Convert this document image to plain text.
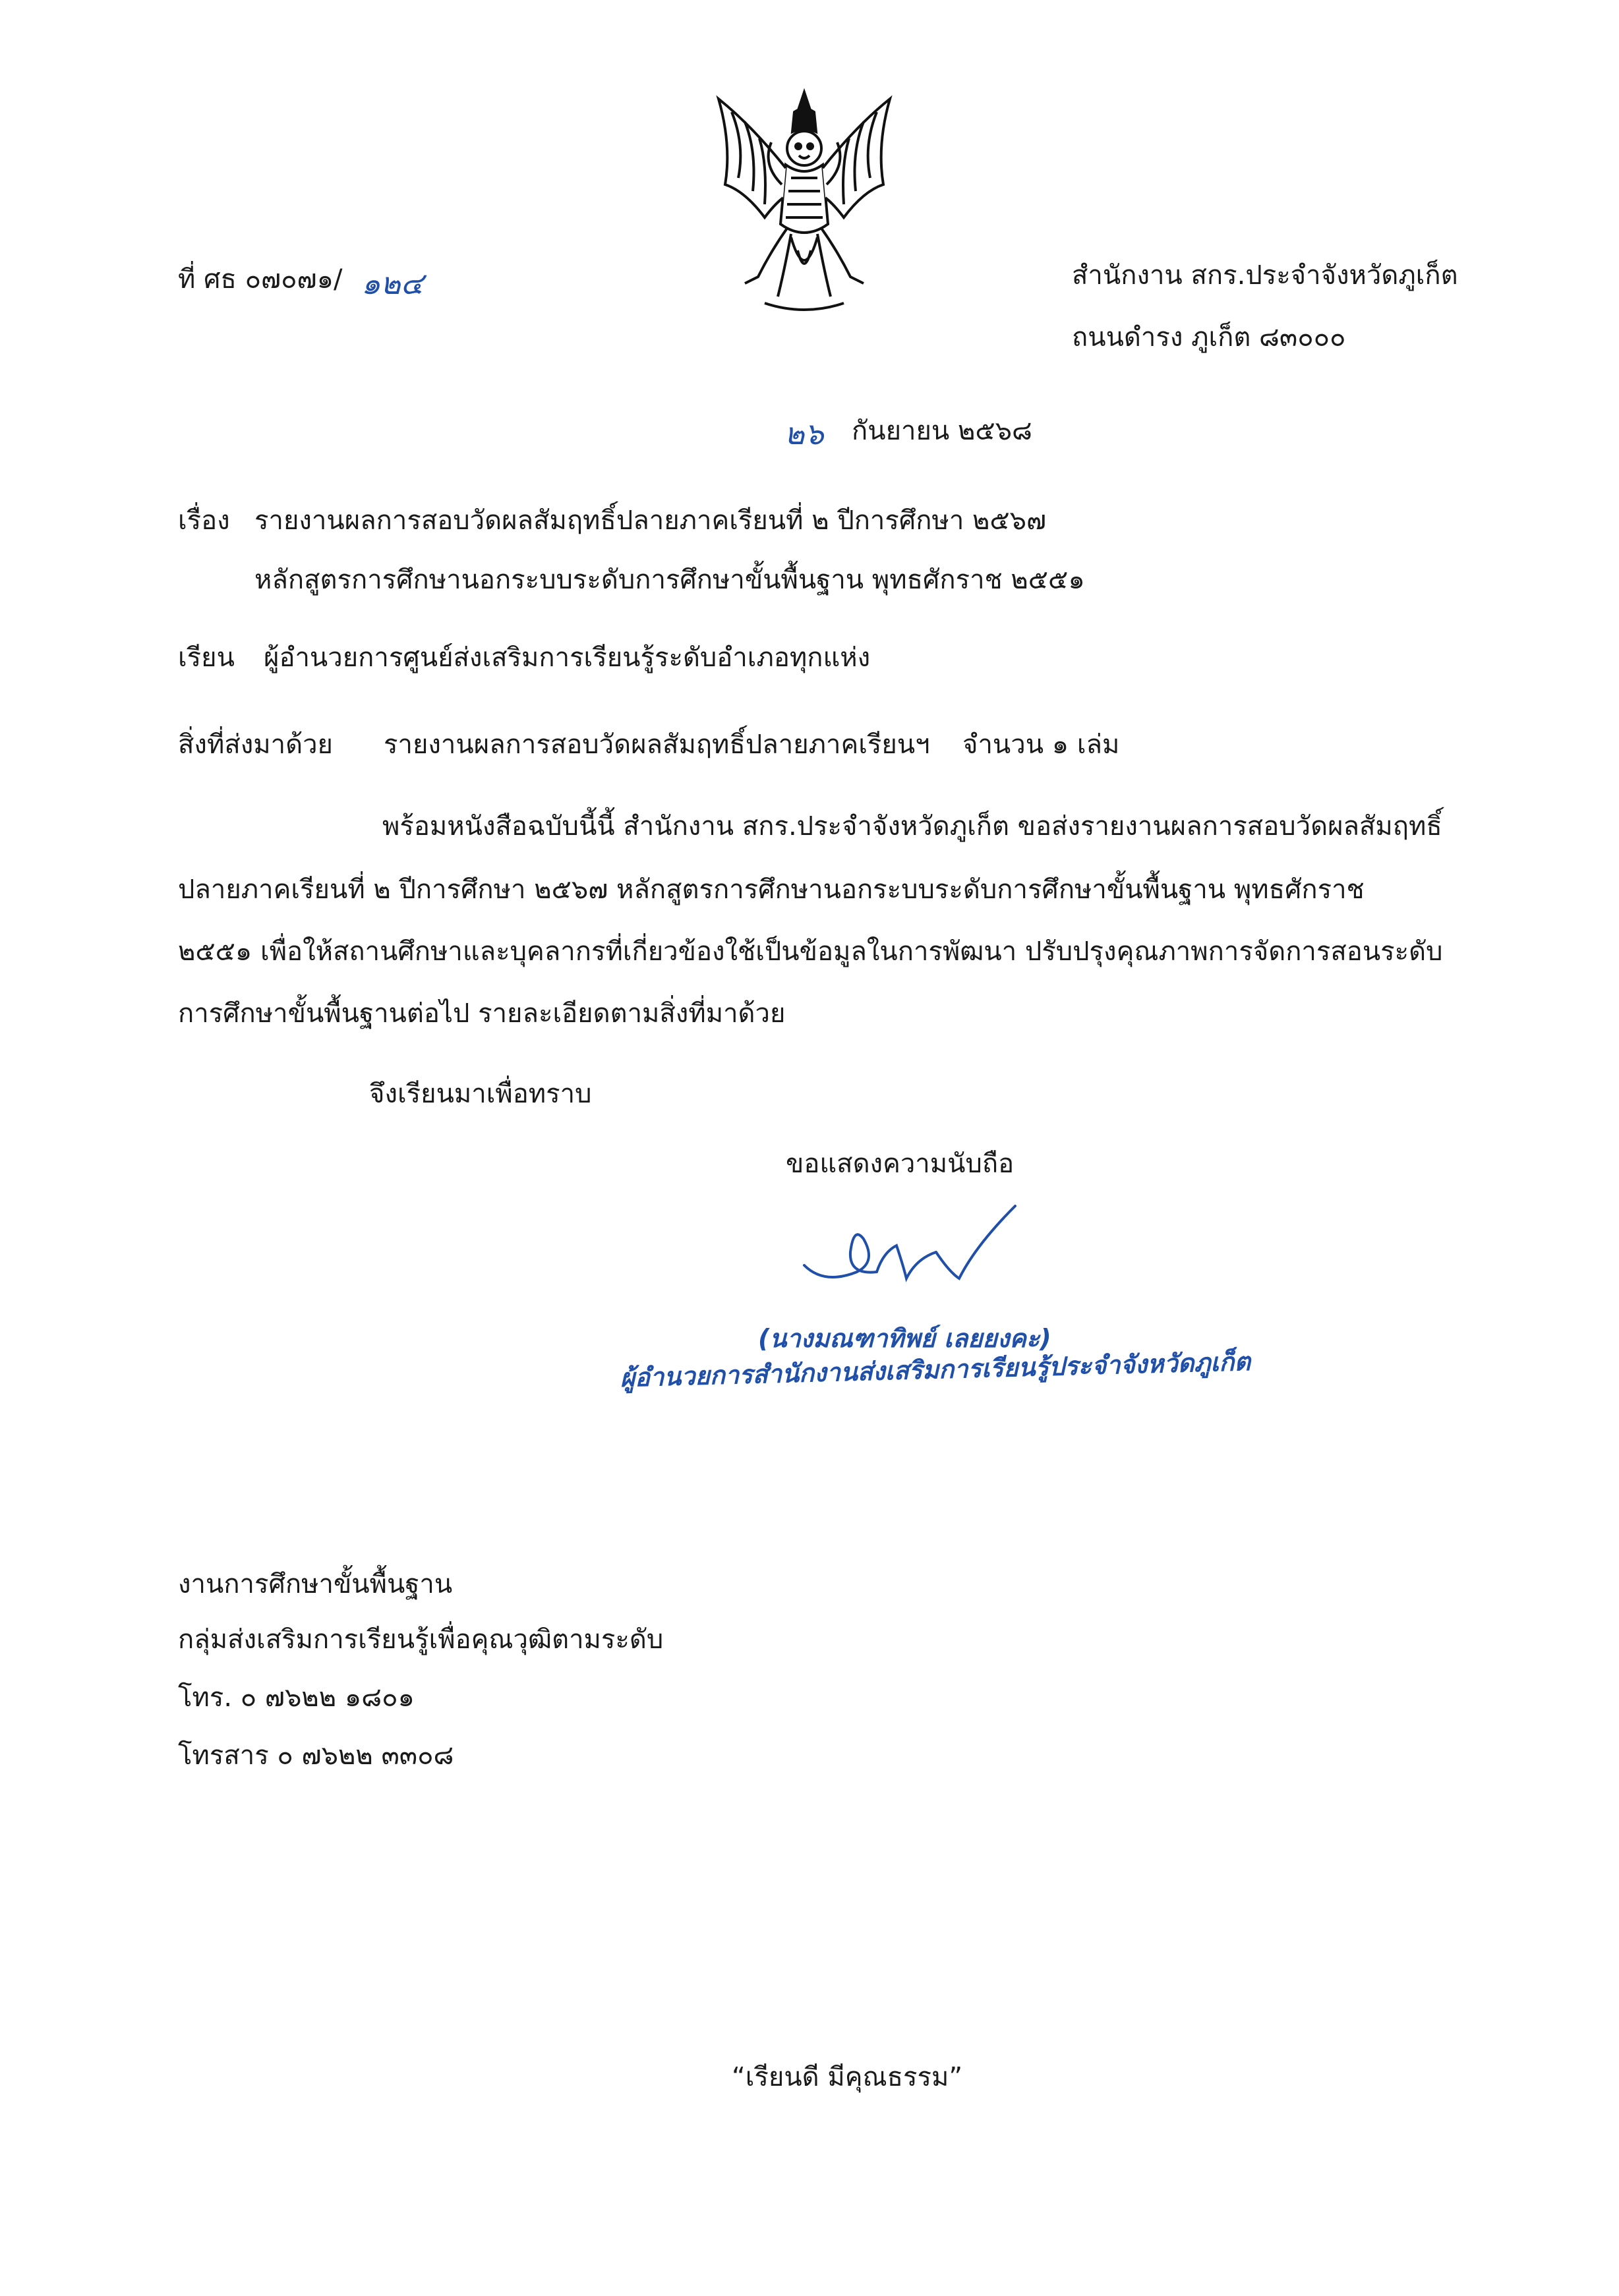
ที่ ศธ ๐๗๐๗๑/ ๑๒๔	สำนักงาน สกร.ประจำจังหวัดภูเก็ต
ถนนดำรง ภูเก็ต ๘๓๐๐๐
๒๖ กันยายน ๒๕๖๘
เรื่อง รายงานผลการสอบวัดผลสัมฤทธิ์ปลายภาคเรียนที่ ๒ ปีการศึกษา ๒๕๖๗
หลักสูตรการศึกษานอกระบบระดับการศึกษาขั้นพื้นฐาน พุทธศักราช ๒๕๕๑
เรียน ผู้อำนวยการศูนย์ส่งเสริมการเรียนรู้ระดับอำเภอทุกแห่ง
สิ่งที่ส่งมาด้วย รายงานผลการสอบวัดผลสัมฤทธิ์ปลายภาคเรียนฯ จำนวน ๑ เล่ม
พร้อมหนังสือฉบับนี้นี้ สำนักงาน สกร.ประจำจังหวัดภูเก็ต ขอส่งรายงานผลการสอบวัดผลสัมฤทธิ์
ปลายภาคเรียนที่ ๒ ปีการศึกษา ๒๕๖๗ หลักสูตรการศึกษานอกระบบระดับการศึกษาขั้นพื้นฐาน พุทธศักราช
๒๕๕๑ เพื่อให้สถานศึกษาและบุคลากรที่เกี่ยวข้องใช้เป็นข้อมูลในการพัฒนา ปรับปรุงคุณภาพการจัดการสอนระดับ
การศึกษาขั้นพื้นฐานต่อไป รายละเอียดตามสิ่งที่มาด้วย
จึงเรียนมาเพื่อทราบ
ขอแสดงความนับถือ
(นางมณฑาทิพย์ เลยยงคะ)
ผู้อำนวยการสำนักงานส่งเสริมการเรียนรู้ประจำจังหวัดภูเก็ต
งานการศึกษาขั้นพื้นฐาน
กลุ่มส่งเสริมการเรียนรู้เพื่อคุณวุฒิตามระดับ
โทร. ๐ ๗๖๒๒ ๑๘๐๑
โทรสาร ๐ ๗๖๒๒ ๓๓๐๘
“เรียนดี มีคุณธรรม”
